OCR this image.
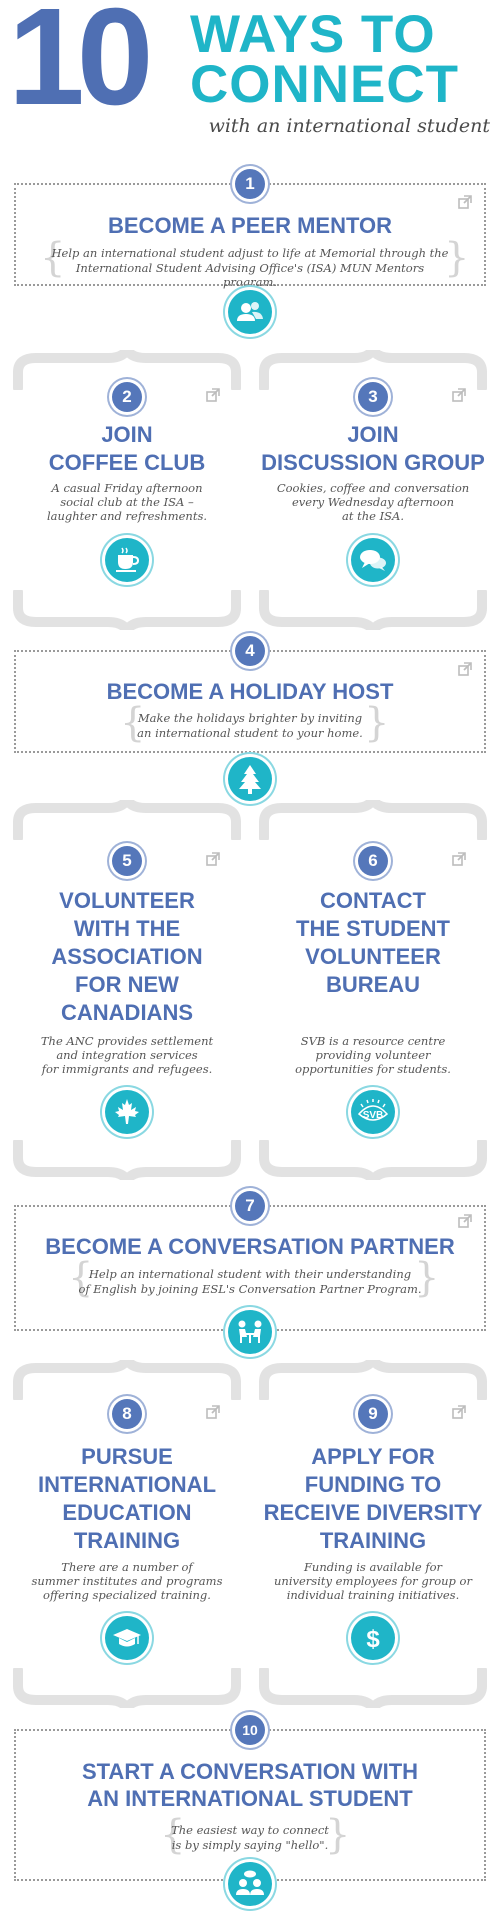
10 WAYS TO
CONNECT
with an international student
1
BECOME A PEER MENTOR
{	}
Help an international student adjust to life at Memorial through the
International Student Advising Office's (ISA) MUN Mentors program.
2	3
JOIN
COFFEE CLUB
A casual Friday afternoon
social club at the ISA –
laughter and refreshments.
JOIN
DISCUSSION GROUP
Cookies, coffee and conversation
every Wednesday afternoon
at the ISA.
4
BECOME A HOLIDAY HOST
{	}
Make the holidays brighter by inviting
an international student to your home.
5	6
VOLUNTEER
WITH THE
ASSOCIATION
FOR NEW
CANADIANS
The ANC provides settlement
and integration services
for immigrants and refugees.
CONTACT
THE STUDENT
VOLUNTEER
BUREAU
SVB is a resource centre
providing volunteer
opportunities for students.
SVB
7
BECOME A CONVERSATION PARTNER
{	}
Help an international student with their understanding
of English by joining ESL's Conversation Partner Program.
8	9
PURSUE
INTERNATIONAL
EDUCATION
TRAINING
There are a number of
summer institutes and programs
offering specialized training.
APPLY FOR
FUNDING TO
RECEIVE DIVERSITY
TRAINING
Funding is available for
university employees for group or
individual training initiatives.
$
10
START A CONVERSATION WITH
AN INTERNATIONAL STUDENT
{	}
The easiest way to connect
is by simply saying "hello".
